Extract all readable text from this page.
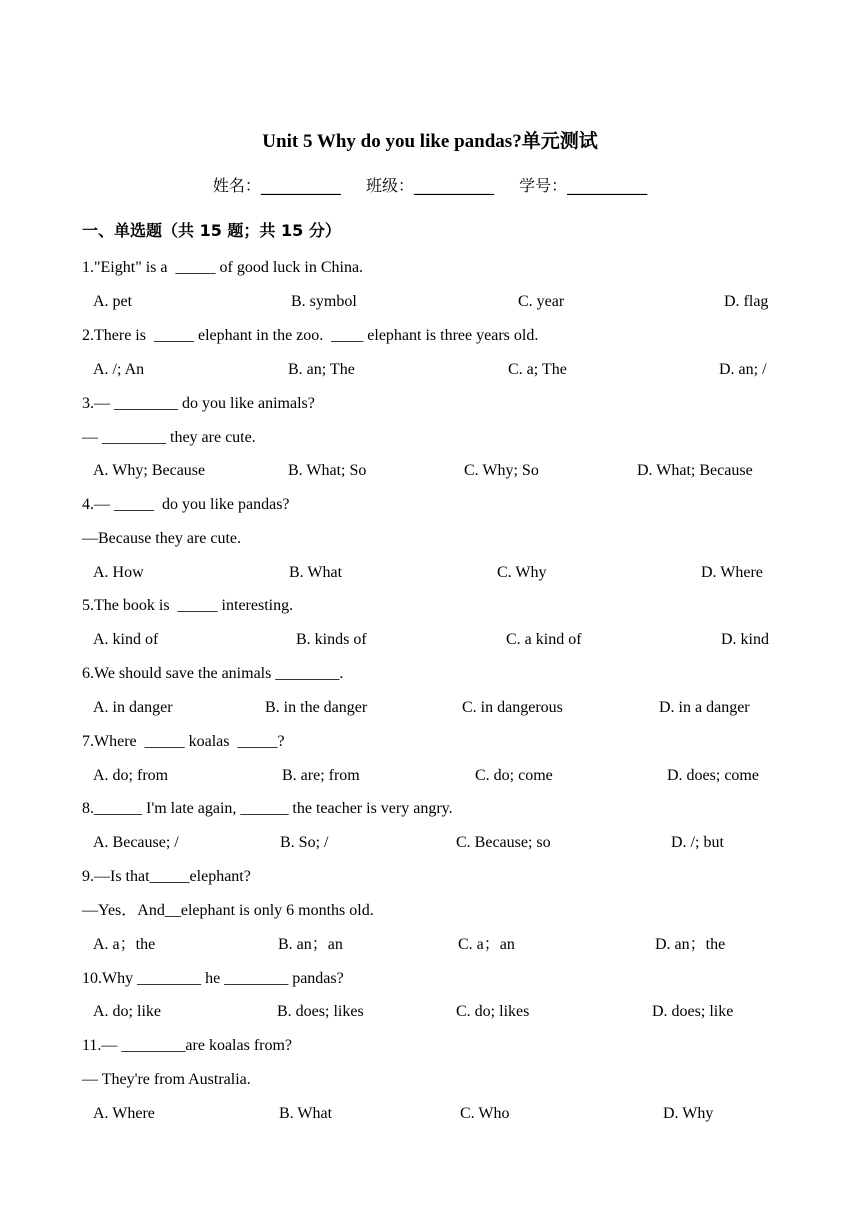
Unit 5 Why do you like pandas?单元测试
姓名：__________ 班级：__________ 学号：__________
一、单选题（共 15 题；共 15 分）
1."Eight" is a  _____ of good luck in China.
A. pet	B. symbol	C. year	D. flag
2.There is  _____ elephant in the zoo.  ____ elephant is three years old.
A. /; An	B. an; The	C. a; The	D. an; /
3.— ________ do you like animals?
— ________ they are cute.
A. Why; Because	B. What; So	C. Why; So	D. What; Because
4.— _____  do you like pandas?
—Because they are cute.
A. How	B. What	C. Why	D. Where
5.The book is  _____ interesting.
A. kind of	B. kinds of	C. a kind of	D. kind
6.We should save the animals ________.
A. in danger	B. in the danger	C. in dangerous	D. in a danger
7.Where  _____ koalas  _____?
A. do; from	B. are; from	C. do; come	D. does; come
8.______ I'm late again, ______ the teacher is very angry.
A. Because; /	B. So; /	C. Because; so	D. /; but
9.—Is that_____elephant?
—Yes．And__elephant is only 6 months old.
A. a；the	B. an；an	C. a；an	D. an；the
10.Why ________ he ________ pandas?
A. do; like	B. does; likes	C. do; likes	D. does; like
11.— ________are koalas from?
— They're from Australia.
A. Where	B. What	C. Who	D. Why
